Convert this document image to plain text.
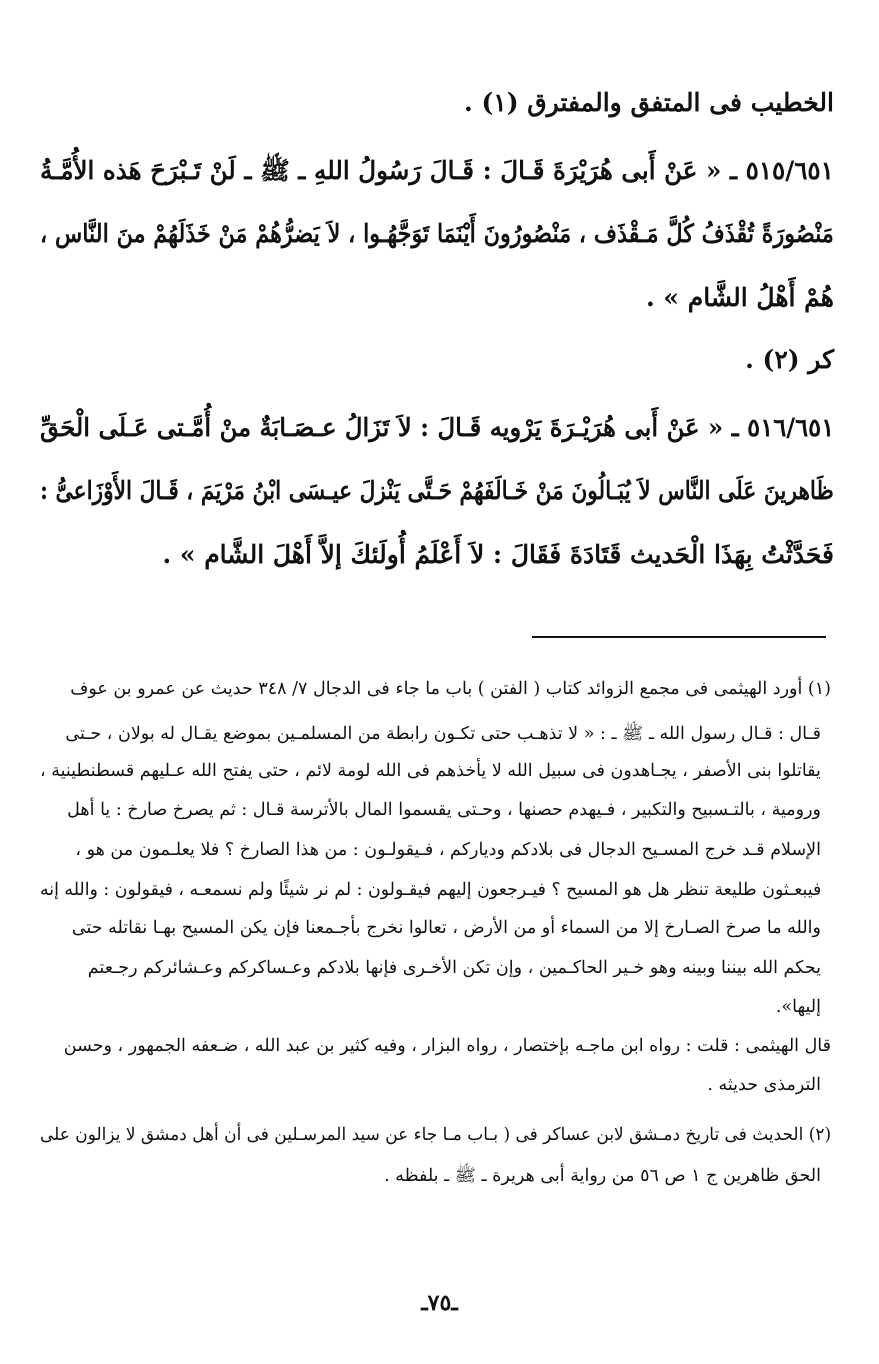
الخطيب فى المتفق والمفترق (١) .
٥١٥/٦٥١ ـ « عَنْ أَبى هُرَيْرَةَ قَـالَ : قَـالَ رَسُولُ اللهِ ـ ﷺ ـ لَنْ تَـبْرَحَ هَذه الأُمَّـةُ
مَنْصُورَةً تُقْذَفُ كُلَّ مَـقْذَف ، مَنْصُورُونَ أَيْنَمَا تَوَجَّهُـوا ، لاَ يَضرُّهُمْ مَنْ خَذَلَهُمْ منَ النَّاس ،
هُمْ أَهْلُ الشَّام » .
كر (٢) .
٥١٦/٦٥١ ـ « عَنْ أَبى هُرَيْـرَةَ يَرْويه قَـالَ : لاَ تَزَالُ عـصَـابَةٌ منْ أُمَّـتى عَـلَى الْحَقِّ
ظَاهرينَ عَلَى النَّاس لاَ يُبَـالُونَ مَنْ خَـالَفَهُمْ حَـتَّى يَنْزلَ عيـسَى ابْنُ مَرْيَمَ ، قَـالَ الأَوْزَاعىُّ :
فَحَدَّثْتُ بِهَذَا الْحَديث قَتَادَةَ فَقَالَ : لاَ أَعْلَمُ أُولَئكَ إلاَّ أَهْلَ الشَّام » .
(١) أورد الهيثمى فى مجمع الزوائد كتاب ( الفتن ) باب ما جاء فى الدجال ٧/ ٣٤٨ حديث عن عمرو بن عوف
قـال : قـال رسول الله ـ ﷺ ـ : « لا تذهـب حتى تكـون رابطة من المسلمـين بموضع يقـال له بولان ، حـتى
يقاتلوا بنى الأصفر ، يجـاهدون فى سبيل الله لا يأخذهم فى الله لومة لائم ، حتى يفتح الله عـليهم قسطنطينية ،
ورومية ، بالتـسبيح والتكبير ، فـيهدم حصنها ، وحـتى يقسموا المال بالأترسة قـال : ثم يصرخ صارخ : يا أهل
الإسلام قـد خرج المسـيح الدجال فى بلادكم ودياركم ، فـيقولـون : من هذا الصارخ ؟ فلا يعلـمون من هو ،
فيبعـثون طليعة تنظر هل هو المسيح ؟ فيـرجعون إليهم فيقـولون : لم نر شيئًا ولم نسمعـه ، فيقولون : والله إنه
والله ما صرخ الصـارخ إلا من السماء أو من الأرض ، تعالوا نخرج بأجـمعنا فإن يكن المسيح بهـا نقاتله حتى
يحكم الله بيننا وبينه وهو خـير الحاكـمين ، وإن تكن الأخـرى فإنها بلادكم وعـساكركم وعـشائركم رجـعتم
إليها».
قال الهيثمى : قلت : رواه ابن ماجـه بإختصار ، رواه البزار ، وفيه كثير بن عبد الله ، ضـعفه الجمهور ، وحسن
الترمذى حديثه .
(٢) الحديث فى تاريخ دمـشق لابن عساكر فى ( بـاب مـا جاء عن سيد المرسـلين فى أن أهل دمشق لا يزالون على
الحق ظاهرين ج ١ ص ٥٦ من رواية أبى هريرة ـ ﷺ ـ بلفظه .
ـ٧٥ـ
